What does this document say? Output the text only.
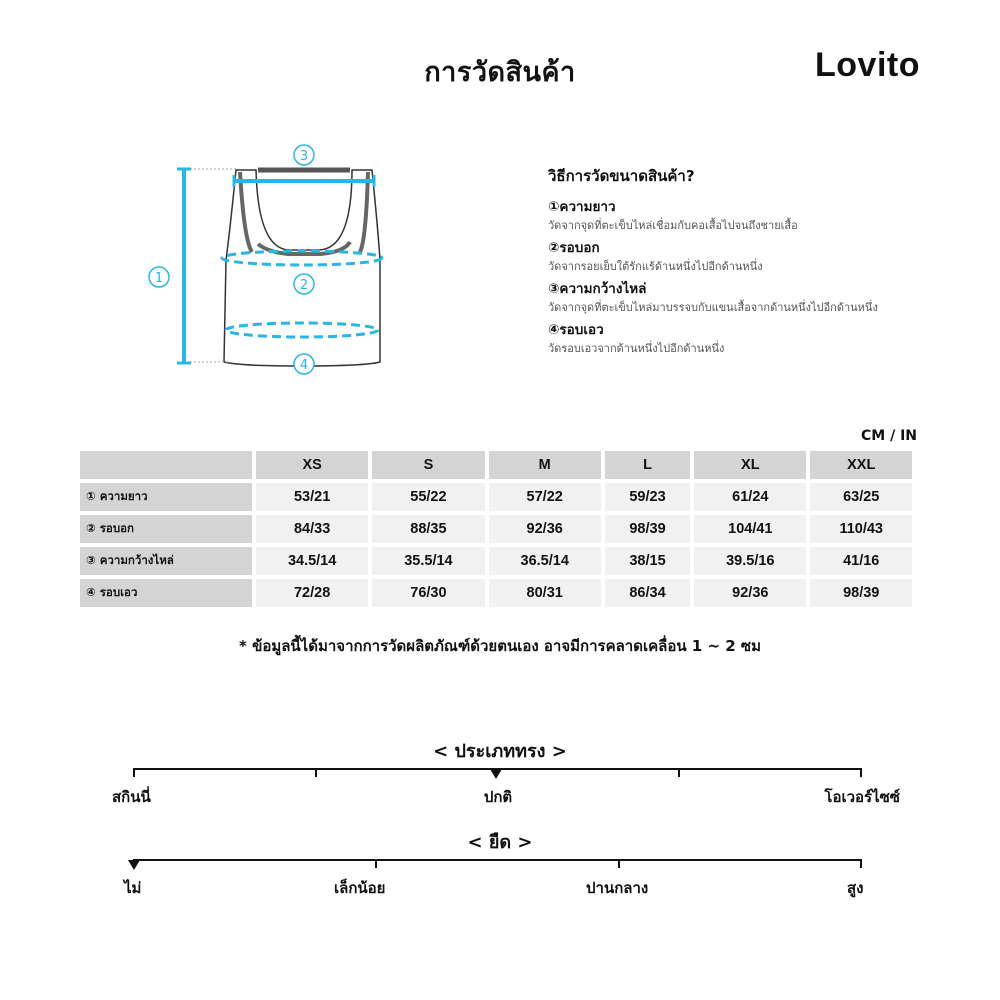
การวัดสินค้า	Lovito
1
3
2
4
วิธีการวัดขนาดสินค้า?
①ความยาว
วัดจากจุดที่ตะเข็บไหล่เชื่อมกับคอเสื้อไปจนถึงชายเสื้อ
②รอบอก
วัดจากรอยเย็บใต้รักแร้ด้านหนึ่งไปอีกด้านหนึ่ง
③ความกว้างไหล่
วัดจากจุดที่ตะเข็บไหล่มาบรรจบกับแขนเสื้อจากด้านหนึ่งไปอีกด้านหนึ่ง
④รอบเอว
วัดรอบเอวจากด้านหนึ่งไปอีกด้านหนึ่ง
CM / IN
	XS	S	M	L	XL	XXL
① ความยาว	53/21	55/22	57/22	59/23	61/24	63/25
② รอบอก	84/33	88/35	92/36	98/39	104/41	110/43
③ ความกว้างไหล่	34.5/14	35.5/14	36.5/14	38/15	39.5/16	41/16
④ รอบเอว	72/28	76/30	80/31	86/34	92/36	98/39
* ข้อมูลนี้ได้มาจากการวัดผลิตภัณฑ์ด้วยตนเอง อาจมีการคลาดเคลื่อน 1 ~ 2 ซม
< ประเภททรง >
สกินนี่	ปกติ	โอเวอร์ไซซ์
< ยืด >
ไม่	เล็กน้อย	ปานกลาง	สูง
